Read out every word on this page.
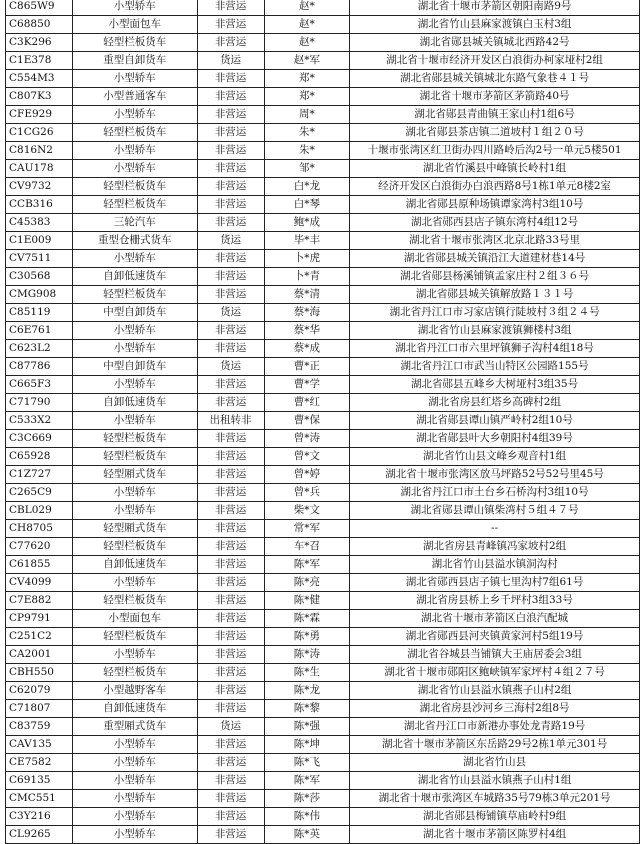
C865W9	小型轿车	非营运	赵*	湖北省十堰市茅箭区朝阳南路9号
C68850	小型面包车	非营运	赵*	湖北省竹山县麻家渡镇白玉村3组
C3K296	轻型栏板货车	非营运	赵*	湖北省郧县城关镇城北西路42号
C1E378	重型自卸货车	货运	赵*军	湖北省十堰市经济开发区白浪街办柯家垭村2组
C554M3	小型轿车	非营运	郑*	湖北省郧县城关镇城北东路气象巷４１号
C807K3	小型普通客车	非营运	郑*	湖北省十堰市茅箭区茅箭路40号
CFE929	小型轿车	非营运	周*	湖北省郧县青曲镇王家山村1组6号
C1CG26	轻型栏板货车	非营运	朱*	湖北省郧县茶店镇二道坡村１组２０号
C816N2	小型轿车	非营运	朱*	十堰市张湾区红卫街办四川路岭后沟2号一单元5楼501
CAU178	小型轿车	非营运	邹*	湖北省竹溪县中峰镇长岭村1组
CV9732	轻型栏板货车	非营运	白*龙	经济开发区白浪街办白浪西路8号1栋1单元8楼2室
CCB316	轻型栏板货车	非营运	白*琴	湖北省郧县原种场镇谭家湾村3组10号
C45383	三轮汽车	非营运	鲍*成	湖北省郧西县店子镇东湾村4组12号
C1E009	重型仓栅式货车	货运	毕*丰	湖北省十堰市张湾区北京北路33号里
CV7511	小型轿车	非营运	卜*虎	湖北省郧县城关镇沿江大道建材巷14号
C30568	自卸低速货车	非营运	卜*青	湖北省郧县杨溪铺镇孟家庄村２组３６号
CMG908	轻型栏板货车	非营运	蔡*清	湖北省郧县城关镇解放路１３１号
C85119	中型自卸货车	货运	蔡*海	湖北省丹江口市习家店镇行陡坡村３组２４号
C6E761	小型轿车	非营运	蔡*华	湖北省竹山县麻家渡镇狮楼村3组
C623L2	小型轿车	非营运	蔡*成	湖北省丹江口市六里坪镇狮子沟村4组18号
C87786	中型自卸货车	货运	曹*正	湖北省丹江口市武当山特区公园路155号
C665F3	小型轿车	非营运	曹*学	湖北省郧县五峰乡大树垭村3组35号
C71790	自卸低速货车	非营运	曹*红	湖北省房县红塔乡高碑村2组
C533X2	小型轿车	出租转非	曹*保	湖北省郧县谭山镇严岭村2组10号
C3C669	轻型栏板货车	非营运	曾*涛	湖北省郧县叶大乡朝阳村4组39号
C65928	轻型栏板货车	非营运	曾*文	湖北省竹山县文峰乡观音村1组
C1Z727	轻型厢式货车	非营运	曾*婷	湖北省十堰市张湾区放马坪路52号52号里45号
C265C9	小型轿车	非营运	曾*兵	湖北省丹江口市土台乡石桥沟村3组10号
CBL029	小型轿车	非营运	柴*文	湖北省郧县谭山镇柴湾村５组４７号
CH8705	轻型厢式货车	非营运	常*军	--
C77620	轻型栏板货车	非营运	车*召	湖北省房县青峰镇冯家坡村2组
C61855	自卸低速货车	非营运	陈*军	湖北省竹山县溢水镇洞沟村
CV4099	小型轿车	非营运	陈*亮	湖北省郧西县店子镇七里沟村7组61号
C7E882	轻型栏板货车	非营运	陈*健	湖北省房县桥上乡千坪村3组33号
CP9791	小型面包车	非营运	陈*霖	湖北省十堰市茅箭区白浪汽配城
C251C2	轻型栏板货车	非营运	陈*勇	湖北省郧西县河夹镇黄家河村5组19号
CA2001	小型轿车	非营运	陈*涛	湖北省谷城县当铺镇大王庙居委会3组
CBH550	轻型栏板货车	非营运	陈*生	湖北省十堰市郧阳区鲍峡镇军家坪村４组２７号
C62079	小型越野客车	非营运	陈*龙	湖北省竹山县溢水镇燕子山村2组
C71807	自卸低速货车	非营运	陈*黎	湖北省房县沙河乡三海村2组8号
C83759	重型厢式货车	货运	陈*强	湖北省丹江口市新港办事处龙青路19号
CAV135	小型轿车	非营运	陈*坤	湖北省十堰市茅箭区东岳路29号2栋1单元301号
CE7582	小型轿车	非营运	陈*飞	湖北省竹山县
C69135	小型轿车	非营运	陈*军	湖北省竹山县溢水镇燕子山村1组
CMC551	小型轿车	非营运	陈*莎	湖北省十堰市张湾区车城路35号79栋3单元201号
C3Y216	小型轿车	非营运	陈*伟	湖北省郧县梅铺镇草庙岭村9组
CL9265	小型轿车	非营运	陈*英	湖北省十堰市茅箭区陈罗村4组
